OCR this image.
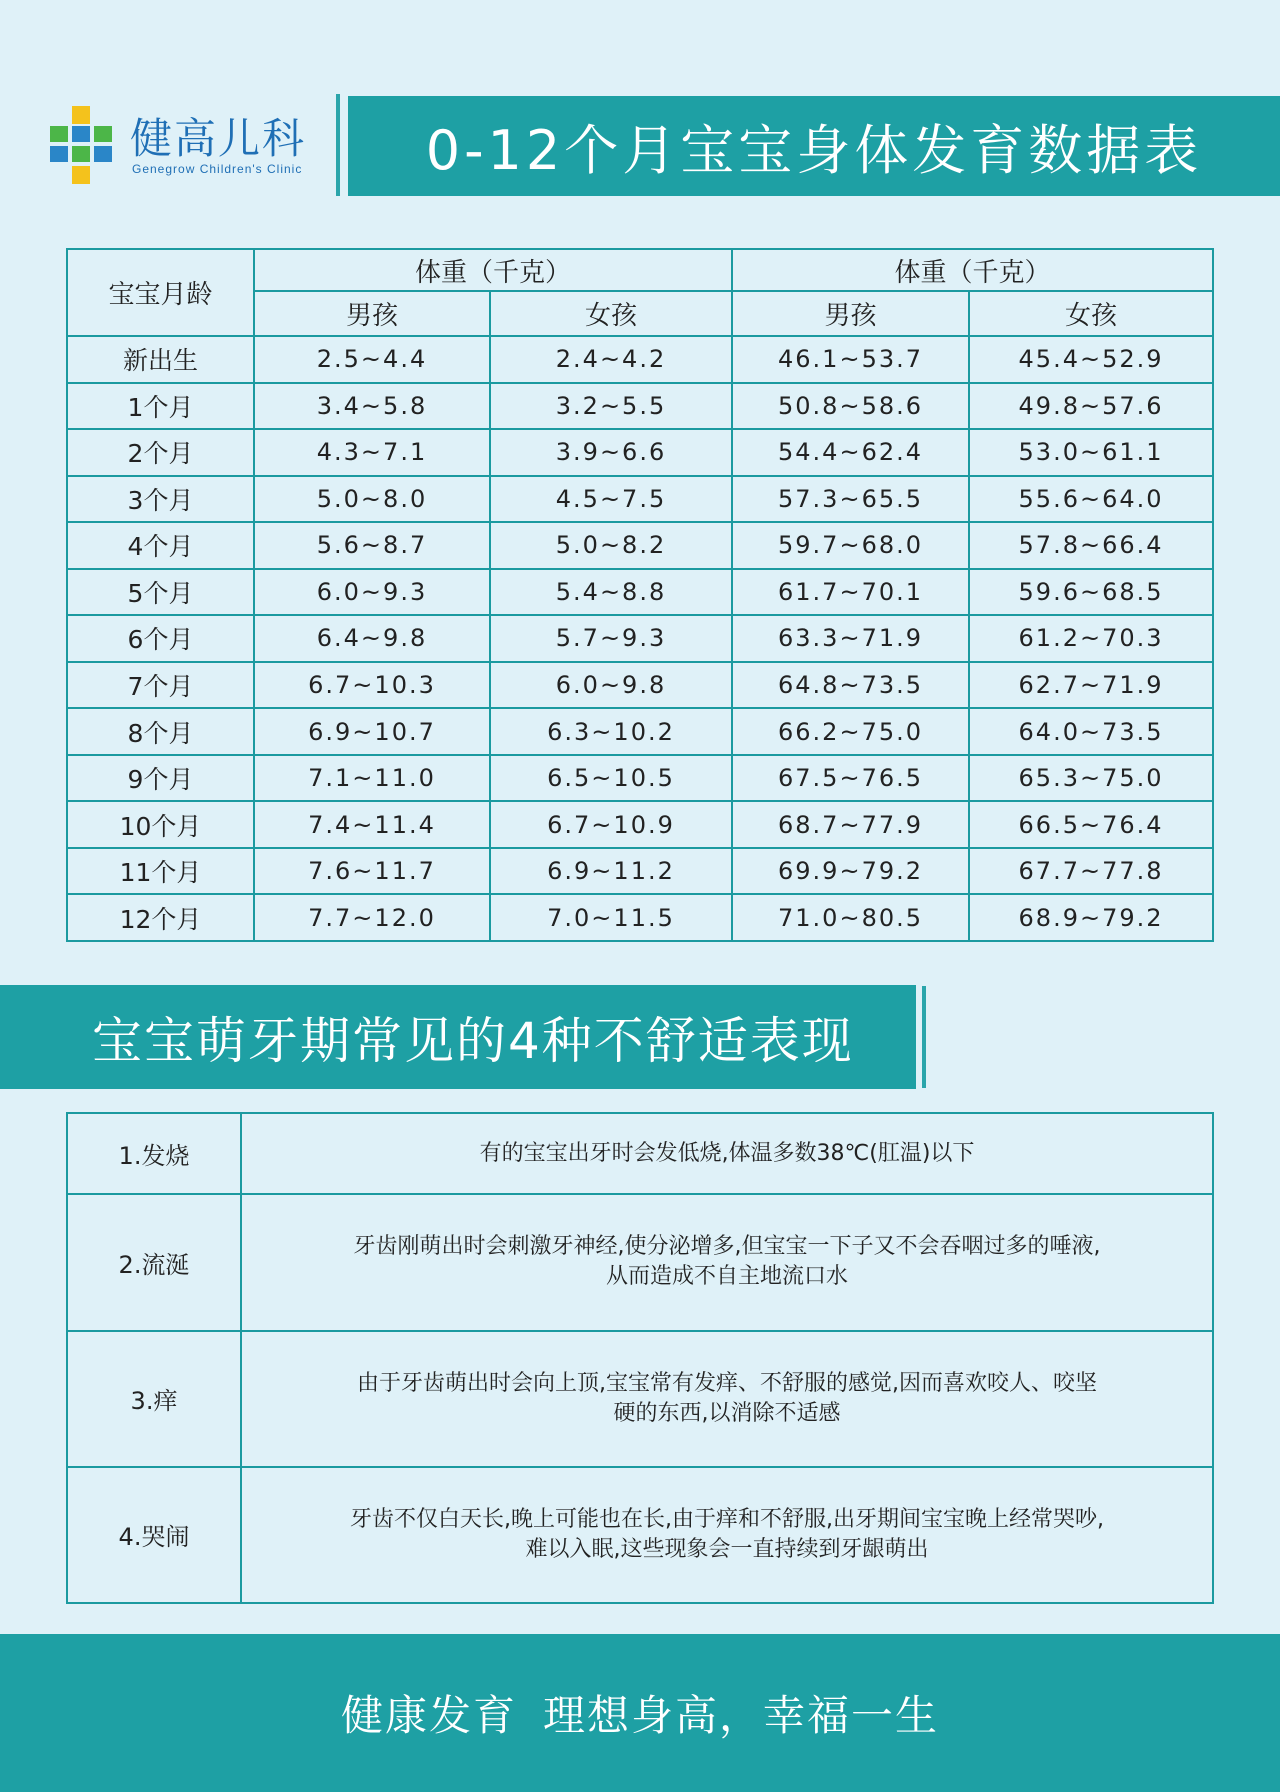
健高儿科
Genegrow Children's Clinic	0-12个月宝宝身体发育数据表
宝宝月龄	体重（千克）		体重（千克）	
	男孩	女孩	男孩	女孩
新出生	2.5~4.4	2.4~4.2	46.1~53.7	45.4~52.9
1个月	3.4~5.8	3.2~5.5	50.8~58.6	49.8~57.6
2个月	4.3~7.1	3.9~6.6	54.4~62.4	53.0~61.1
3个月	5.0~8.0	4.5~7.5	57.3~65.5	55.6~64.0
4个月	5.6~8.7	5.0~8.2	59.7~68.0	57.8~66.4
5个月	6.0~9.3	5.4~8.8	61.7~70.1	59.6~68.5
6个月	6.4~9.8	5.7~9.3	63.3~71.9	61.2~70.3
7个月	6.7~10.3	6.0~9.8	64.8~73.5	62.7~71.9
8个月	6.9~10.7	6.3~10.2	66.2~75.0	64.0~73.5
9个月	7.1~11.0	6.5~10.5	67.5~76.5	65.3~75.0
10个月	7.4~11.4	6.7~10.9	68.7~77.9	66.5~76.4
11个月	7.6~11.7	6.9~11.2	69.9~79.2	67.7~77.8
12个月	7.7~12.0	7.0~11.5	71.0~80.5	68.9~79.2
宝宝萌牙期常见的4种不舒适表现
1.发烧	有的宝宝出牙时会发低烧,体温多数38℃(肛温)以下

2.流涎	牙齿刚萌出时会刺激牙神经,使分泌增多,但宝宝一下子又不会吞咽过多的唾液,
从而造成不自主地流口水

3.痒	由于牙齿萌出时会向上顶,宝宝常有发痒、不舒服的感觉,因而喜欢咬人、咬坚
硬的东西,以消除不适感

4.哭闹	牙齿不仅白天长,晚上可能也在长,由于痒和不舒服,出牙期间宝宝晚上经常哭吵,
难以入眠,这些现象会一直持续到牙龈萌出
健康发育 理想身高，幸福一生
